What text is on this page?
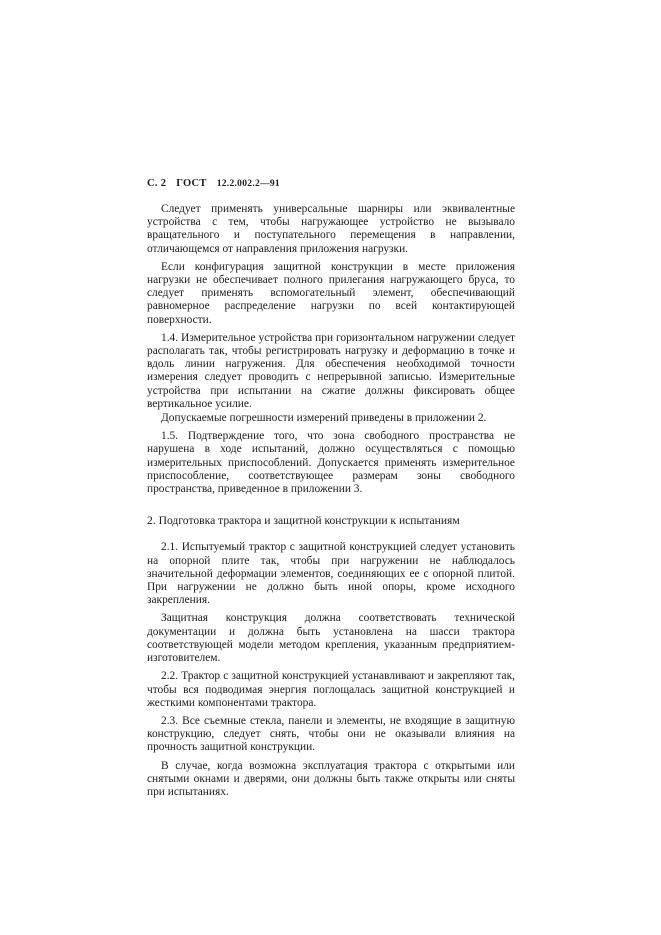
С. 2 ГОСТ 12.2.002.2—91

Следует применять универсальные шарниры или эквивалентные устройства с тем, чтобы нагружающее устройство не вызывало вращательного и поступательного перемещения в направлении, отличающемся от направления приложения нагрузки.

Если конфигурация защитной конструкции в месте приложения нагрузки не обеспечивает полного прилегания нагружающего бруса, то следует применять вспомогательный элемент, обеспечивающий равномерное распределение нагрузки по всей контактирующей поверхности.

1.4. Измерительное устройства при горизонтальном нагружении следует располагать так, чтобы регистрировать нагрузку и деформацию в точке и вдоль линии нагружения. Для обеспечения необходимой точности измерения следует проводить с непрерывной записью. Измерительные устройства при испытании на сжатие должны фиксировать общее вертикальное усилие.

Допускаемые погрешности измерений приведены в приложении 2.

1.5. Подтверждение того, что зона свободного пространства не нарушена в ходе испытаний, должно осуществляться с помощью измерительных приспособлений. Допускается применять измерительное приспособление, соответствующее размерам зоны свободного пространства, приведенное в приложении 3.

2. Подготовка трактора и защитной конструкции к испытаниям

2.1. Испытуемый трактор с защитной конструкцией следует установить на опорной плите так, чтобы при нагружении не наблюдалось значительной деформации элементов, соединяющих ее с опорной плитой. При нагружении не должно быть иной опоры, кроме исходного закрепления.

Защитная конструкция должна соответствовать технической документации и должна быть установлена на шасси трактора соответствующей модели методом крепления, указанным предприятием-изготовителем.

2.2. Трактор с защитной конструкцией устанавливают и закрепляют так, чтобы вся подводимая энергия поглощалась защитной конструкцией и жесткими компонентами трактора.

2.3. Все съемные стекла, панели и элементы, не входящие в защитную конструкцию, следует снять, чтобы они не оказывали влияния на прочность защитной конструкции.

В случае, когда возможна эксплуатация трактора с открытыми или снятыми окнами и дверями, они должны быть также открыты или сняты при испытаниях.
